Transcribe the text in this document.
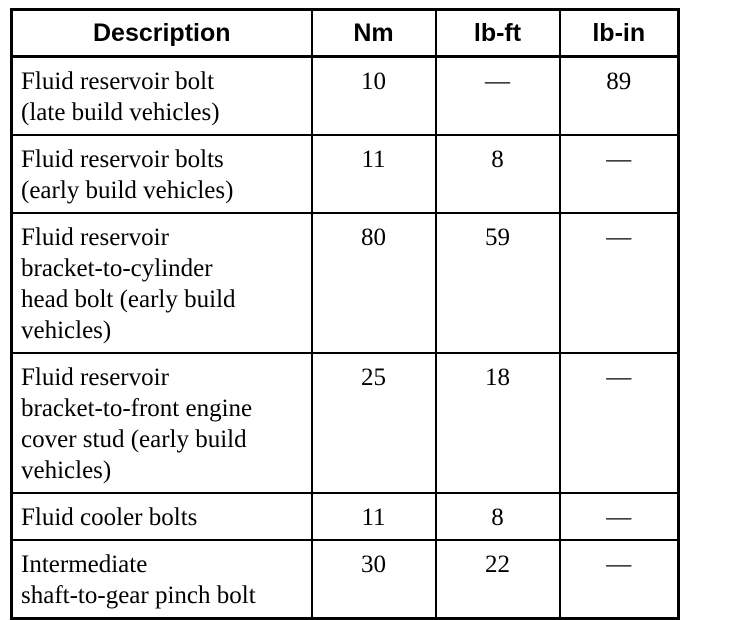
Description	Nm	lb-ft	lb-in

Fluid reservoir bolt
(late build vehicles)	10	—	89

Fluid reservoir bolts
(early build vehicles)	11	8	—

Fluid reservoir
bracket-to-cylinder
head bolt (early build
vehicles)	80	59	—

Fluid reservoir
bracket-to-front engine
cover stud (early build
vehicles)	25	18	—

Fluid cooler bolts	11	8	—

Intermediate
shaft-to-gear pinch bolt	30	22	—
